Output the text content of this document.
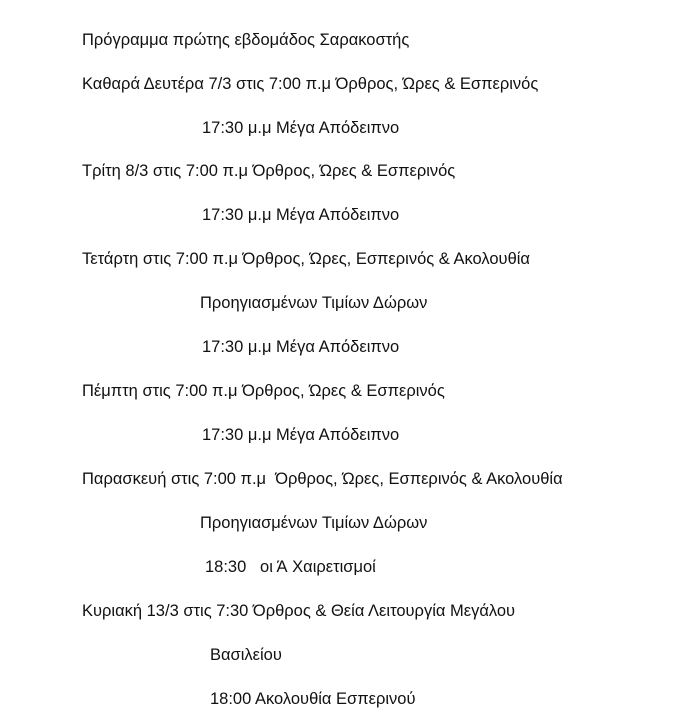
Πρόγραμμα πρώτης εβδομάδος Σαρακοστής
Καθαρά Δευτέρα 7/3 στις 7:00 π.μ Όρθρος, Ώρες & Εσπερινός
17:30 μ.μ Μέγα Απόδειπνο
Τρίτη 8/3 στις 7:00 π.μ Όρθρος, Ώρες & Εσπερινός
17:30 μ.μ Μέγα Απόδειπνο
Τετάρτη στις 7:00 π.μ Όρθρος, Ώρες, Εσπερινός & Ακολουθία
Προηγιασμένων Τιμίων Δώρων
17:30 μ.μ Μέγα Απόδειπνο
Πέμπτη στις 7:00 π.μ Όρθρος, Ώρες & Εσπερινός
17:30 μ.μ Μέγα Απόδειπνο
Παρασκευή στις 7:00 π.μ  Όρθρος, Ώρες, Εσπερινός & Ακολουθία
Προηγιασμένων Τιμίων Δώρων
18:30   οι Ά Χαιρετισμοί
Κυριακή 13/3 στις 7:30 Όρθρος & Θεία Λειτουργία Μεγάλου
Βασιλείου
18:00 Ακολουθία Εσπερινού
